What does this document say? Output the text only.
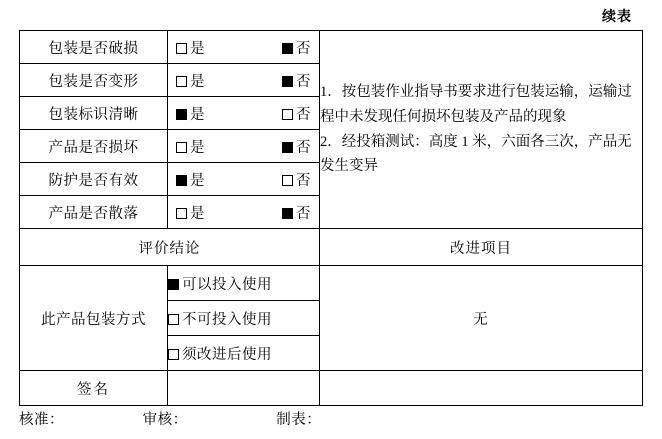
续表
包装是否破损	是	否

1．按包装作业指导书要求进行包装运输，运输过程中未发现任何损坏包装及产品的现象

2．经投箱测试：高度 1 米，六面各三次，产品无发生变异

包装是否变形	是 否	

包装标识清晰	是 否	

产品是否损坏	是 否	

防护是否有效	是 否	

产品是否散落	是 否	

评价结论		改进项目
此产品包装方式	可以投入使用	无
	不可投入使用	
	须改进后使用	
签名		
核准：	审核：	制表：
